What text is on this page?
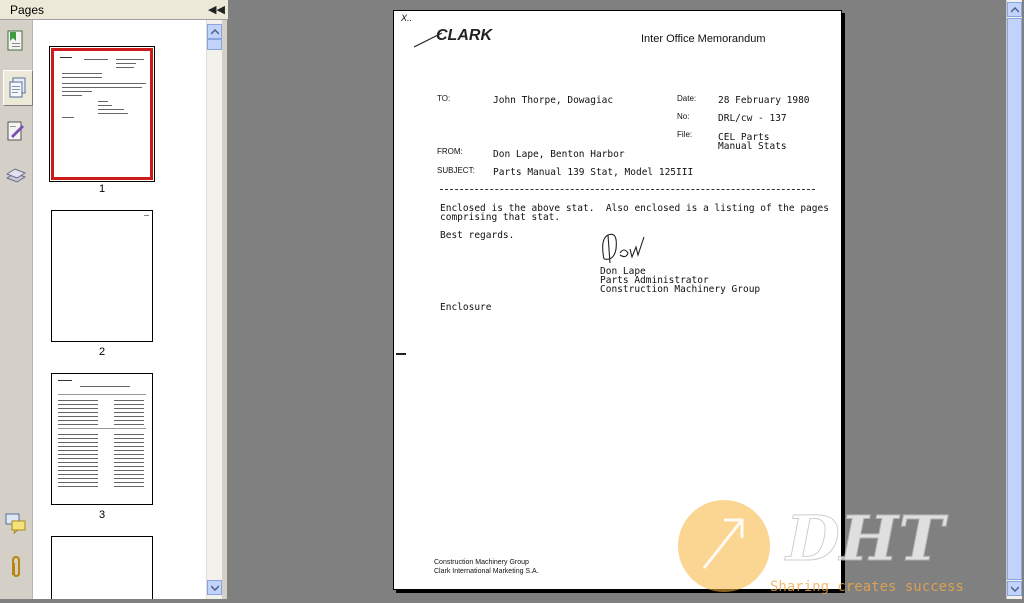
Pages	◀◀
1
2
3
X..
CLARK	Inter Office Memorandum
TO:	John Thorpe, Dowagiac	Date: 28 February 1980
No:	DRL/cw - 137
File:	CEL Parts
Manual Stats
FROM:	Don Lape, Benton Harbor
SUBJECT: Parts Manual 139 Stat, Model 125III
Enclosed is the above stat.  Also enclosed is a listing of the pages
comprising that stat.
Best regards.
Don Lape
Parts Administrator
Construction Machinery Group
Enclosure
Construction Machinery Group
Clark International Marketing S.A.	DHT
Sharing creates success
